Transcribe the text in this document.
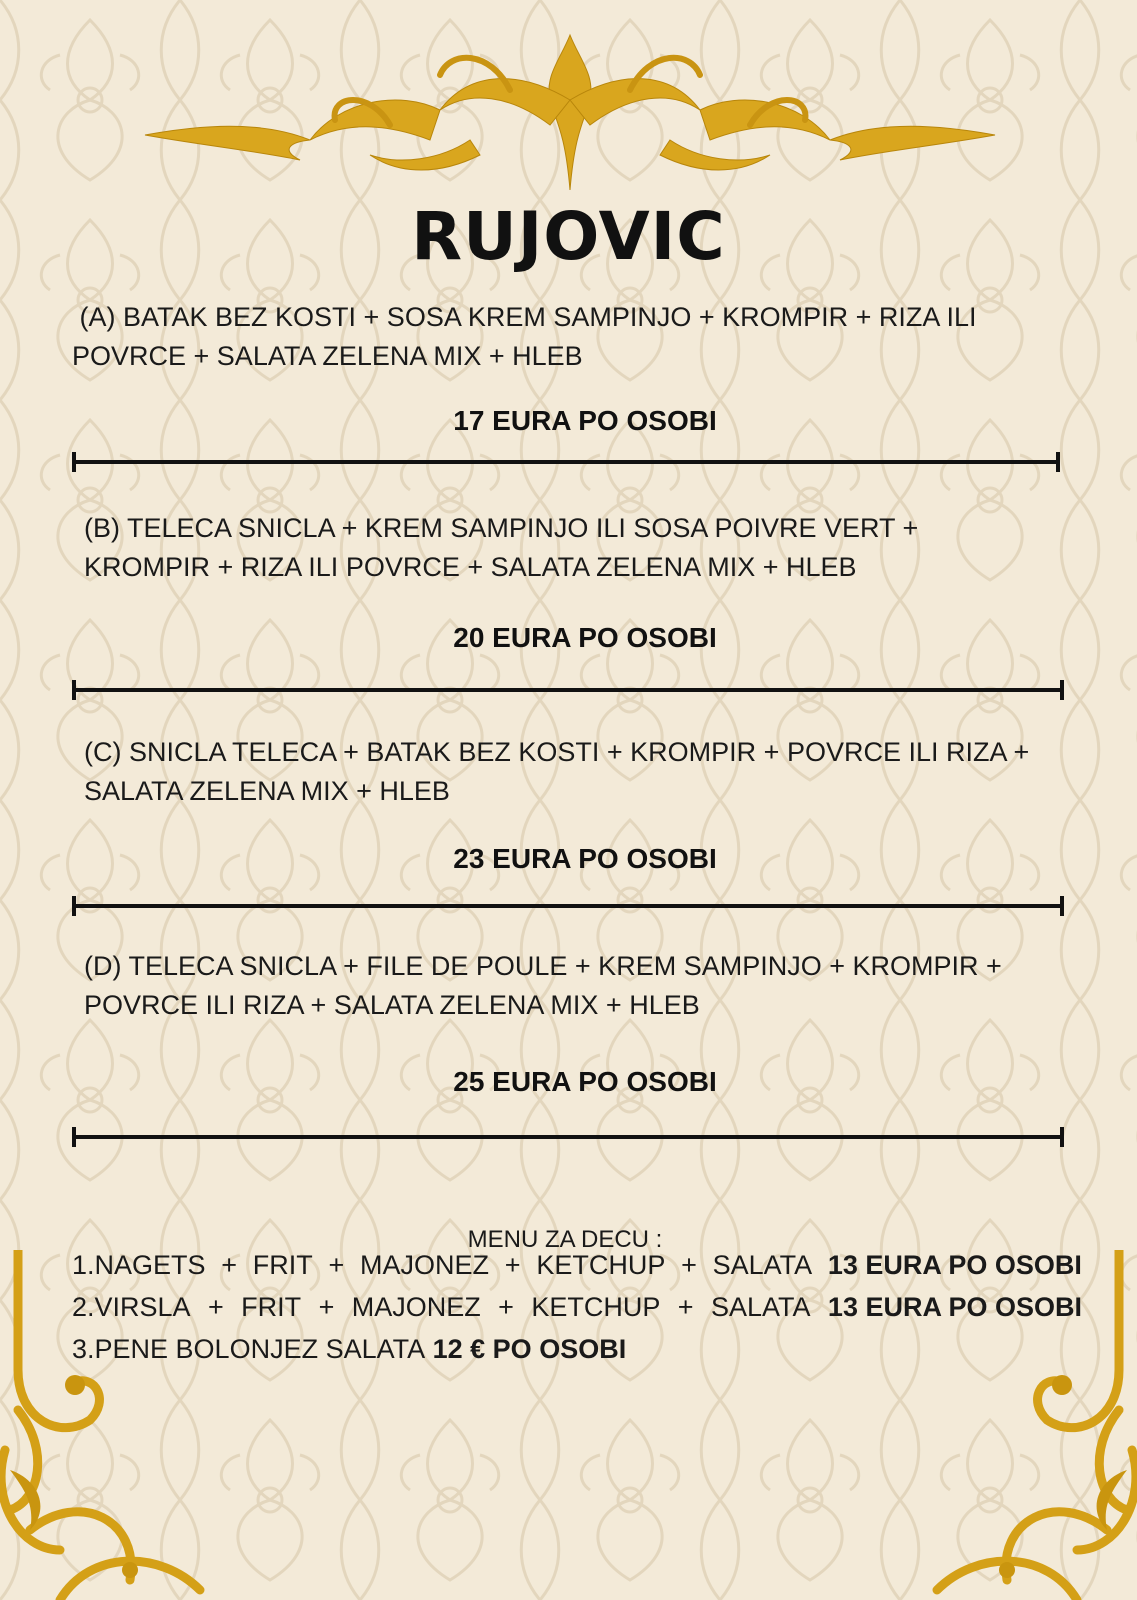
RUJOVIC
(A) BATAK BEZ KOSTI + SOSA KREM SAMPINJO + KROMPIR + RIZA ILI
POVRCE + SALATA ZELENA MIX + HLEB
17 EURA PO OSOBI
(B) TELECA SNICLA + KREM SAMPINJO ILI SOSA POIVRE VERT +
KROMPIR + RIZA ILI POVRCE + SALATA ZELENA MIX + HLEB
20 EURA PO OSOBI
(C) SNICLA TELECA + BATAK BEZ KOSTI + KROMPIR + POVRCE ILI RIZA +
SALATA ZELENA MIX + HLEB
23 EURA PO OSOBI
(D) TELECA SNICLA + FILE DE POULE + KREM SAMPINJO + KROMPIR +
POVRCE ILI RIZA + SALATA ZELENA MIX + HLEB
25 EURA PO OSOBI
MENU ZA DECU :
1.NAGETS + FRIT + MAJONEZ + KETCHUP + SALATA 13 EURA PO OSOBI
2.VIRSLA + FRIT + MAJONEZ + KETCHUP + SALATA 13 EURA PO OSOBI
3.PENE BOLONJEZ SALATA
12 € PO OSOBI
